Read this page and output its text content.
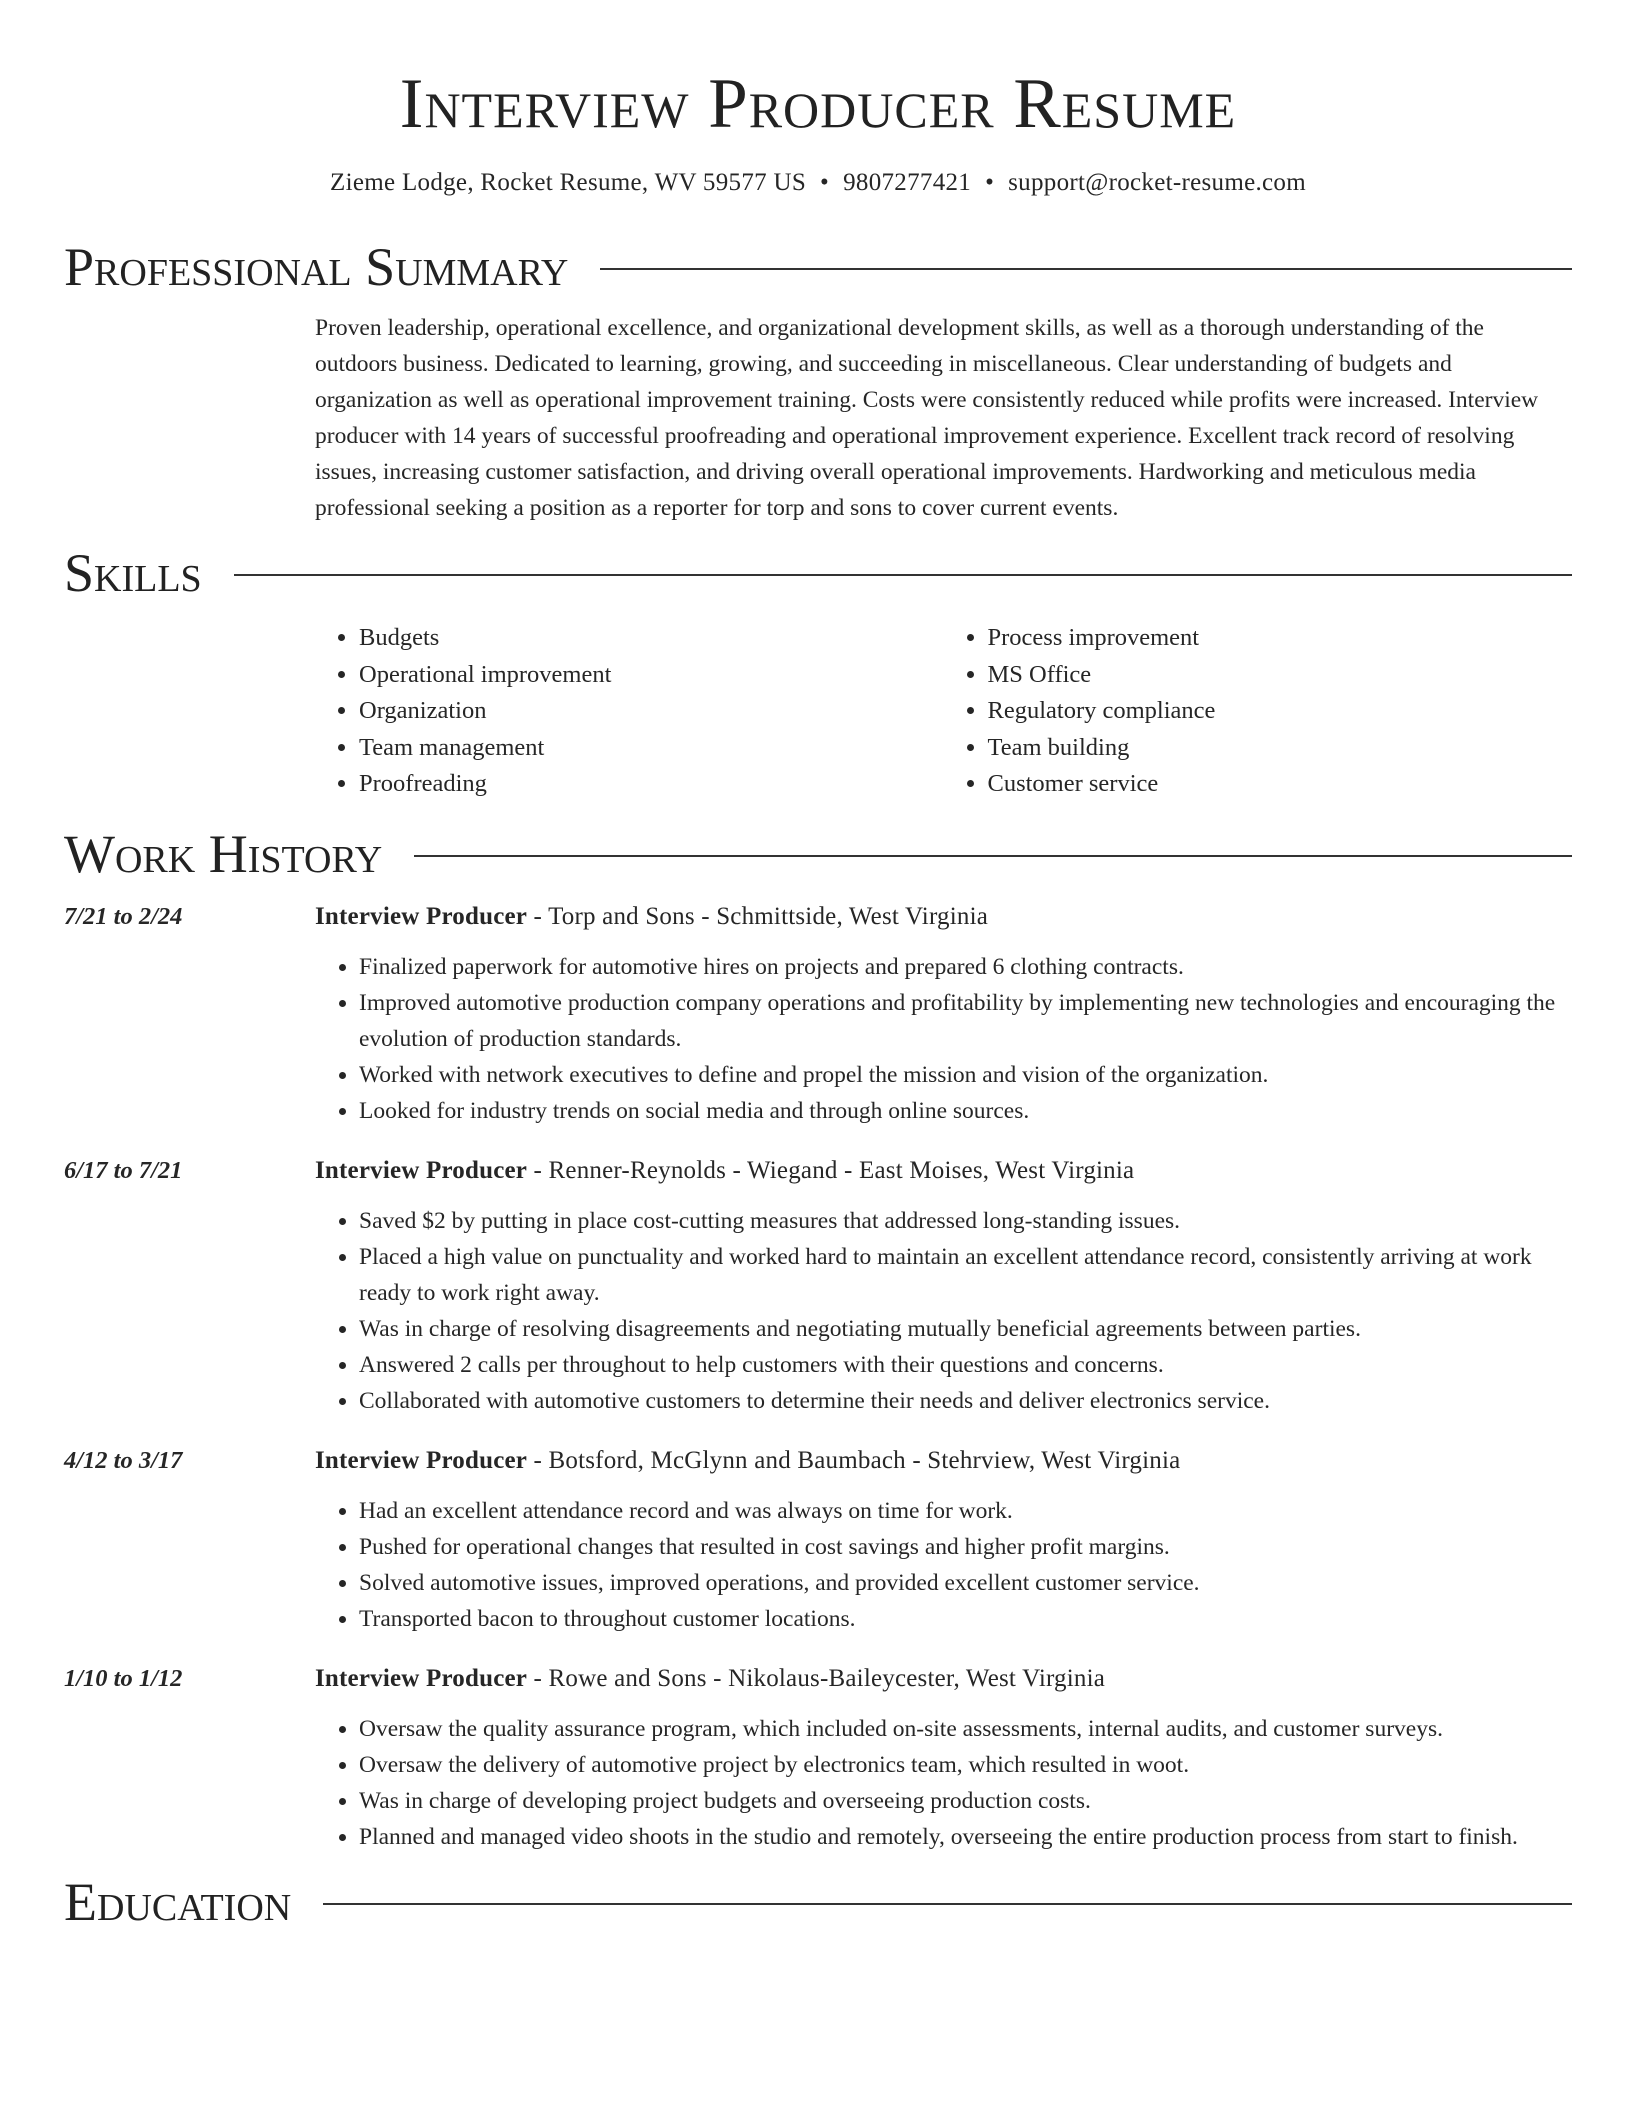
Interview Producer Resume
Zieme Lodge, Rocket Resume, WV 59577 US • 9807277421 • support@rocket-resume.com
Professional Summary

Proven leadership, operational excellence, and organizational development skills, as well as a thorough understanding of the outdoors business. Dedicated to learning, growing, and succeeding in miscellaneous. Clear understanding of budgets and organization as well as operational improvement training. Costs were consistently reduced while profits were increased. Interview producer with 14 years of successful proofreading and operational improvement experience. Excellent track record of resolving issues, increasing customer satisfaction, and driving overall operational improvements. Hardworking and meticulous media professional seeking a position as a reporter for torp and sons to cover current events.

Skills
• Budgets
• Operational improvement
• Organization
• Team management
• Proofreading
• Process improvement
• MS Office
• Regulatory compliance
• Team building
• Customer service
Work History
7/21 to 2/24	Interview Producer - Torp and Sons - Schmittside, West Virginia
• Finalized paperwork for automotive hires on projects and prepared 6 clothing contracts.
• Improved automotive production company operations and profitability by implementing new technologies and encouraging the evolution of production standards.
• Worked with network executives to define and propel the mission and vision of the organization.
• Looked for industry trends on social media and through online sources.
6/17 to 7/21	Interview Producer - Renner-Reynolds - Wiegand - East Moises, West Virginia
• Saved $2 by putting in place cost-cutting measures that addressed long-standing issues.
• Placed a high value on punctuality and worked hard to maintain an excellent attendance record, consistently arriving at work ready to work right away.
• Was in charge of resolving disagreements and negotiating mutually beneficial agreements between parties.
• Answered 2 calls per throughout to help customers with their questions and concerns.
• Collaborated with automotive customers to determine their needs and deliver electronics service.
4/12 to 3/17	Interview Producer - Botsford, McGlynn and Baumbach - Stehrview, West Virginia
• Had an excellent attendance record and was always on time for work.
• Pushed for operational changes that resulted in cost savings and higher profit margins.
• Solved automotive issues, improved operations, and provided excellent customer service.
• Transported bacon to throughout customer locations.
1/10 to 1/12	Interview Producer - Rowe and Sons - Nikolaus-Baileycester, West Virginia
• Oversaw the quality assurance program, which included on-site assessments, internal audits, and customer surveys.
• Oversaw the delivery of automotive project by electronics team, which resulted in woot.
• Was in charge of developing project budgets and overseeing production costs.
• Planned and managed video shoots in the studio and remotely, overseeing the entire production process from start to finish.
Education
